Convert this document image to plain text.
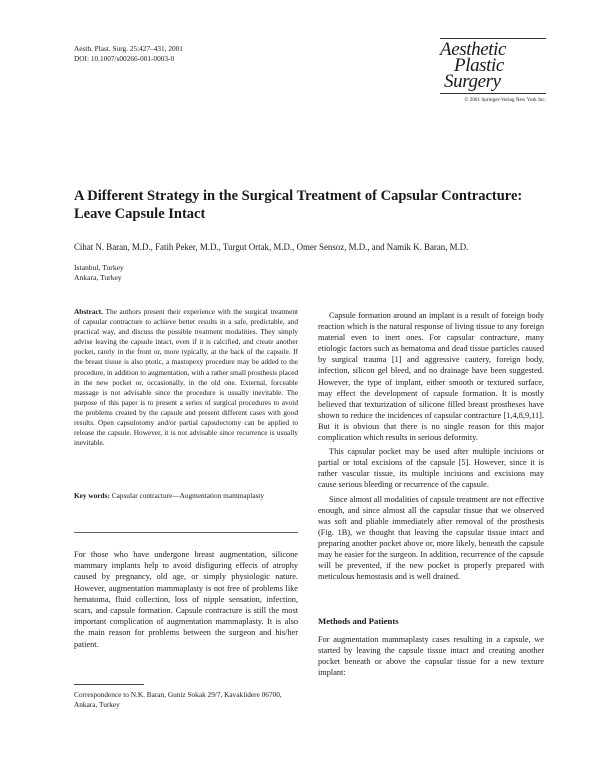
Aesth. Plast. Surg. 25:427–431, 2001
DOI: 10.1007/s00266-001-0003-0	Aesthetic
Plastic
Surgery
© 2001 Springer-Verlag New York Inc.
A Different Strategy in the Surgical Treatment of Capsular Contracture: Leave Capsule Intact
Cihat N. Baran, M.D., Fatih Peker, M.D., Turgut Ortak, M.D., Omer Sensoz, M.D., and Namik K. Baran, M.D.
Istanbul, Turkey
Ankara, Turkey
Abstract. The authors present their experience with the surgical treatment of capsular contracture to achieve better results in a safe, predictable, and practical way, and discuss the possible treatment modalities. They simply advise leaving the capsule intact, even if it is calcified, and create another pocket, rarely in the front or, more typically, at the back of the capsule. If the breast tissue is also ptotic, a mastopexy procedure may be added to the procedure, in addition to augmentation, with a rather small prosthesis placed in the new pocket or, occasionally, in the old one. External, forceable massage is not advisable since the procedure is usually inevitable. The purpose of this paper is to present a series of surgical procedures to avoid the problems created by the capsule and present different cases with good results. Open capsulotomy and/or partial capsulectomy can be applied to release the capsule. However, it is not advisable since recurrence is usually inevitable.
Key words: Capsular contracture—Augmentation mammaplasty
For those who have undergone breast augmentation, silicone mammary implants help to avoid disfiguring effects of atrophy caused by pregnancy, old age, or simply physiologic nature. However, augmentation mammaplasty is not free of problems like hematoma, fluid collection, loss of nipple sensation, infection, scars, and capsule formation. Capsule contracture is still the most important complication of augmentation mammaplasty. It is also the main reason for problems between the surgeon and his/her patient.
Correspondence to N.K. Baran, Guniz Sokak 29/7, Kavaklidere 06700, Ankara, Turkey

Capsule formation around an implant is a result of foreign body reaction which is the natural response of living tissue to any foreign material even to inert ones. For capsular contracture, many etiologic factors such as hematoma and dead tissue particles caused by surgical trauma [1] and aggressive cautery, foreign body, infection, silicon gel bleed, and no drainage have been suggested. However, the type of implant, either smooth or textured surface, may effect the development of capsule formation. It is mostly believed that texturization of silicone filled breast prostheses have shown to reduce the incidences of capsular contracture [1,4,8,9,11]. But it is obvious that there is no single reason for this major complication which results in serious deformity.

This capsular pocket may be used after multiple incisions or partial or total excisions of the capsule [5]. However, since it is rather vascular tissue, its multiple incisions and excisions may cause serious bleeding or recurrence of the capsule.

Since almost all modalities of capsule treatment are not effective enough, and since almost all the capsular tissue that we observed was soft and pliable immediately after removal of the prosthesis (Fig. 1B), we thought that leaving the capsular tissue intact and preparing another pocket above or, more likely, beneath the capsule may be easier for the surgeon. In addition, recurrence of the capsule will be prevented, if the new pocket is properly prepared with meticulous hemostasis and is well drained.

Methods and Patients
For augmentation mammaplasty cases resulting in a capsule, we started by leaving the capsule tissue intact and creating another pocket beneath or above the capsular tissue for a new texture implant:
